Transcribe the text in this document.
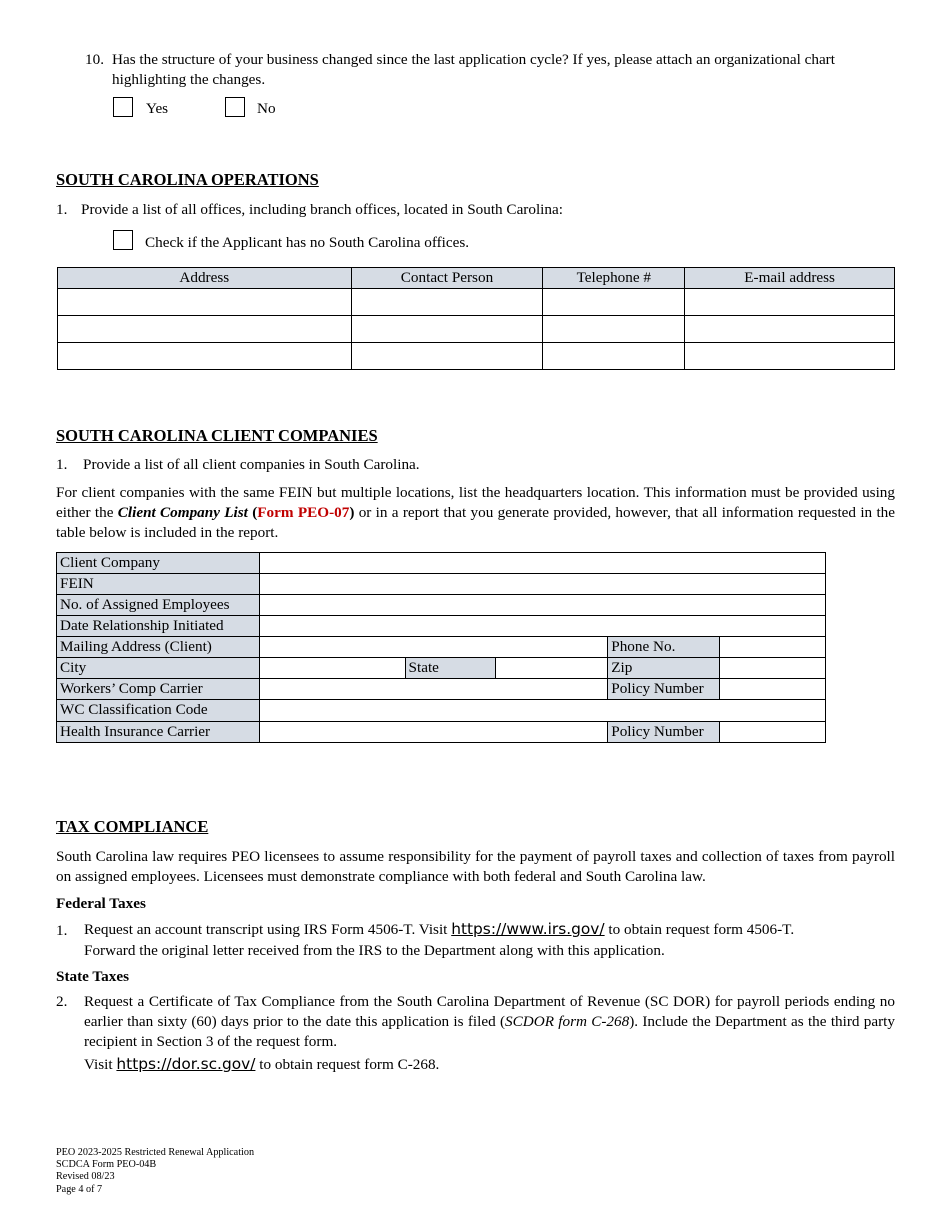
10. Has the structure of your business changed since the last application cycle? If yes, please attach an organizational chart highlighting the changes.

Yes	No
SOUTH CAROLINA OPERATIONS
1. Provide a list of all offices, including branch offices, located in South Carolina:
Check if the Applicant has no South Carolina offices.
Address	Contact Person	Telephone #	E-mail address

SOUTH CAROLINA CLIENT COMPANIES
1. Provide a list of all client companies in South Carolina.

For client companies with the same FEIN but multiple locations, list the headquarters location. This information must be provided using either the Client Company List (Form PEO-07) or in a report that you generate provided, however, that all information requested in the table below is included in the report.

Client Company					
FEIN					
No. of Assigned Employees					
Date Relationship Initiated					
Mailing Address (Client)				Phone No.	
City		State		Zip	
Workers’ Comp Carrier				Policy Number	
WC Classification Code					
Health Insurance Carrier				Policy Number	
TAX COMPLIANCE

South Carolina law requires PEO licensees to assume responsibility for the payment of payroll taxes and collection of taxes from payroll on assigned employees. Licensees must demonstrate compliance with both federal and South Carolina law.

Federal Taxes
1. Request an account transcript using IRS Form 4506-T. Visit https://www.irs.gov/ to obtain request form 4506-T.

Forward the original letter received from the IRS to the Department along with this application.

State Taxes
2. Request a Certificate of Tax Compliance from the South Carolina Department of Revenue (SC DOR) for payroll periods ending no earlier than sixty (60) days prior to the date this application is filed (SCDOR form C-268). Include the Department as the third party recipient in Section 3 of the request form.

Visit https://dor.sc.gov/ to obtain request form C-268.

PEO 2023-2025 Restricted Renewal Application
SCDCA Form PEO-04B
Revised 08/23
Page 4 of 7
